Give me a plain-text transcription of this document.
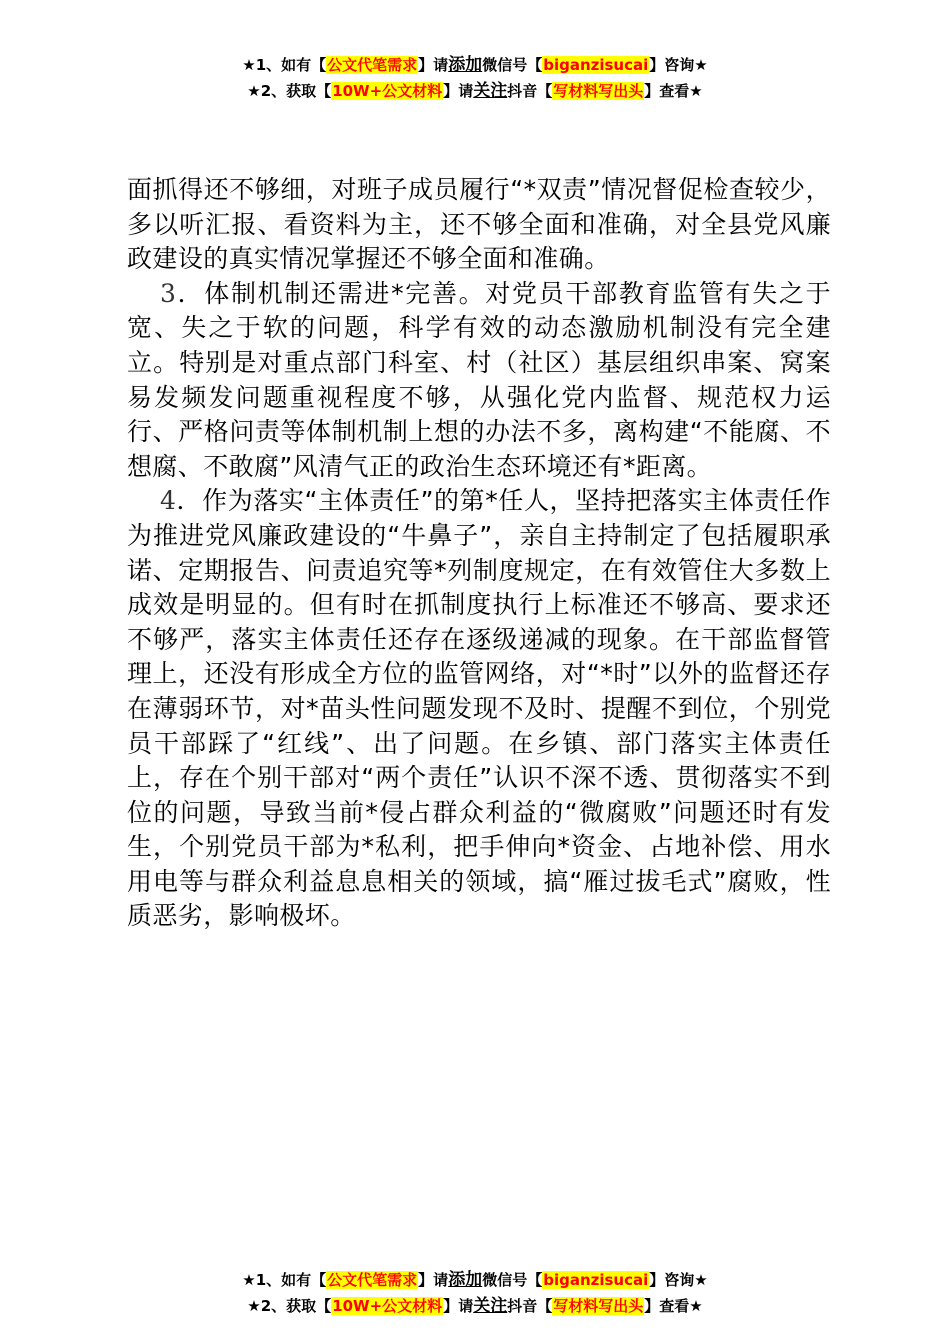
★1、如有【公文代笔需求】请添加微信号【biganzisucai】咨询★
★2、获取【10W+公文材料】请关注抖音【写材料写出头】查看★

面抓得还不够细，对班子成员履行“*双责”情况督促检查较少，多以听汇报、看资料为主，还不够全面和准确，对全县党风廉政建设的真实情况掌握还不够全面和准确。

3．体制机制还需进*完善。对党员干部教育监管有失之于宽、失之于软的问题，科学有效的动态激励机制没有完全建立。特别是对重点部门科室、村（社区）基层组织串案、窝案易发频发问题重视程度不够，从强化党内监督、规范权力运行、严格问责等体制机制上想的办法不多，离构建“不能腐、不想腐、不敢腐”风清气正的政治生态环境还有*距离。

4．作为落实“主体责任”的第*任人，坚持把落实主体责任作为推进党风廉政建设的“牛鼻子”，亲自主持制定了包括履职承诺、定期报告、问责追究等*列制度规定，在有效管住大多数上成效是明显的。但有时在抓制度执行上标准还不够高、要求还不够严，落实主体责任还存在逐级递减的现象。在干部监督管理上，还没有形成全方位的监管网络，对“*时”以外的监督还存在薄弱环节，对*苗头性问题发现不及时、提醒不到位，个别党员干部踩了“红线”、出了问题。在乡镇、部门落实主体责任上，存在个别干部对“两个责任”认识不深不透、贯彻落实不到位的问题，导致当前*侵占群众利益的“微腐败”问题还时有发生，个别党员干部为*私利，把手伸向*资金、占地补偿、用水用电等与群众利益息息相关的领域，搞“雁过拔毛式”腐败，性质恶劣，影响极坏。

★1、如有【公文代笔需求】请添加微信号【biganzisucai】咨询★
★2、获取【10W+公文材料】请关注抖音【写材料写出头】查看★
